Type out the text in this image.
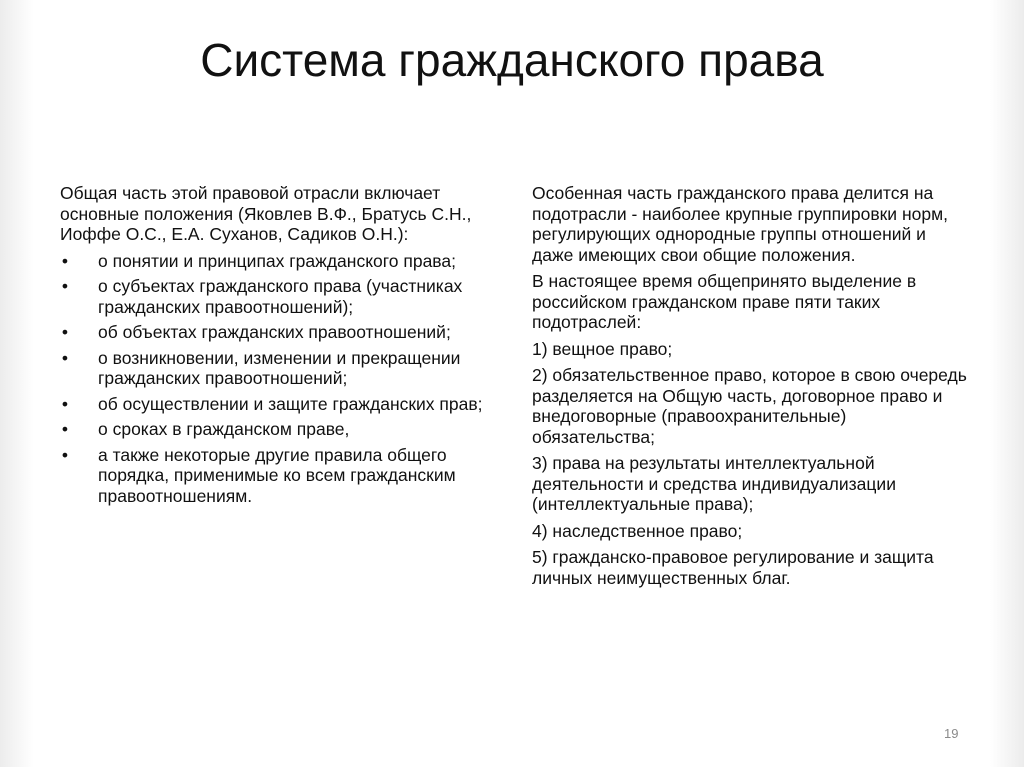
Система гражданского права

Общая часть этой правовой отрасли включает основные положения (Яковлев В.Ф., Братусь С.Н., Иоффе О.С., Е.А. Суханов, Садиков О.Н.):

• о понятии и принципах гражданского права;
• о субъектах гражданского права (участниках гражданских правоотношений);
• об объектах гражданских правоотношений;
• о возникновении, изменении и прекращении гражданских правоотношений;
• об осуществлении и защите гражданских прав;
• о сроках в гражданском праве,
• а также некоторые другие правила общего порядка, применимые ко всем гражданским правоотношениям.

Особенная часть гражданского права делится на подотрасли - наиболее крупные группировки норм, регулирующих однородные группы отношений и даже имеющих свои общие положения.

В настоящее время общепринято выделение в российском гражданском праве пяти таких подотраслей:

1) вещное право;

2) обязательственное право, которое в свою очередь разделяется на Общую часть, договорное право и внедоговорные (правоохранительные) обязательства;

3) права на результаты интеллектуальной деятельности и средства индивидуализации (интеллектуальные права);

4) наследственное право;

5) гражданско-правовое регулирование и защита личных неимущественных благ.

19
